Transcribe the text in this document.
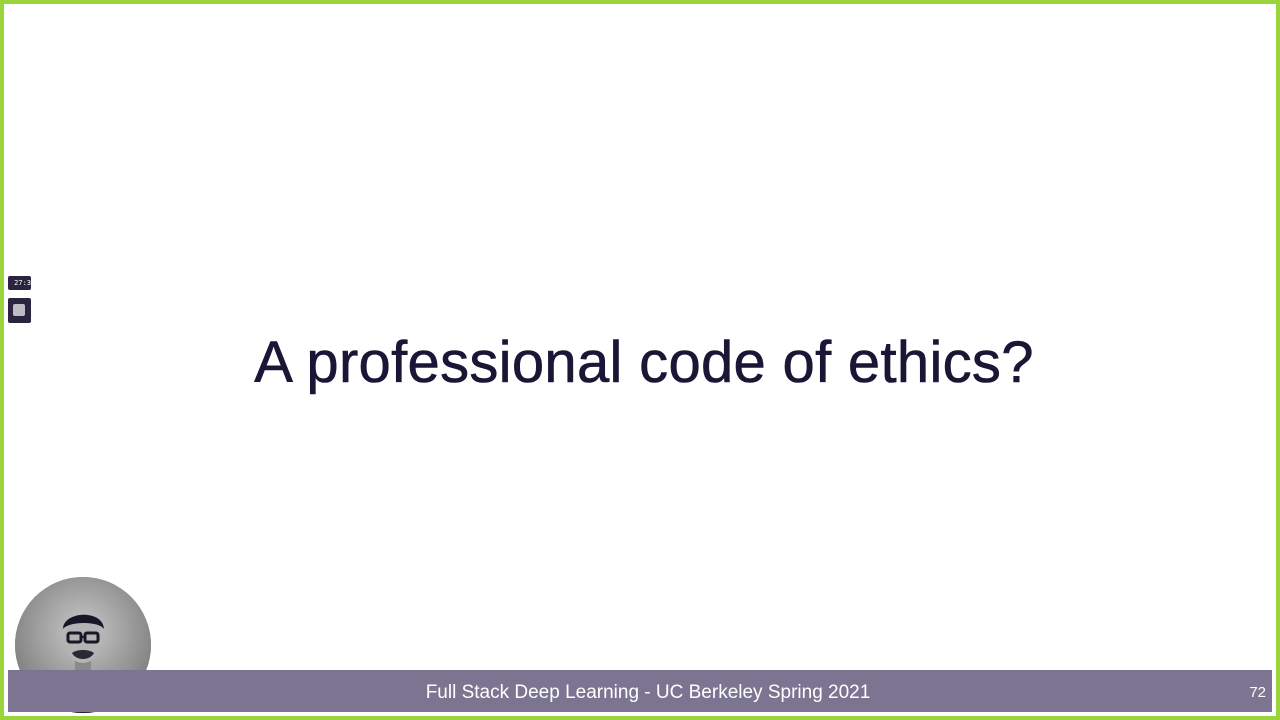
A professional code of ethics?
27:3
Full Stack Deep Learning - UC Berkeley Spring 2021	72
